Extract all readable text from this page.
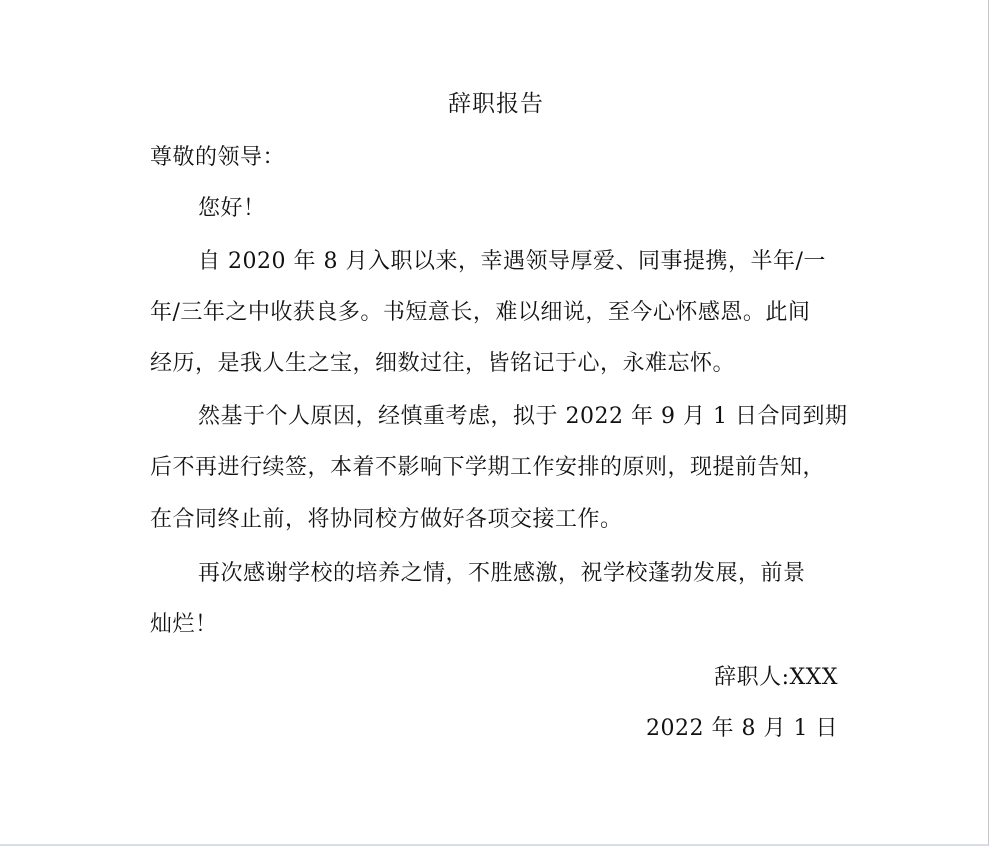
辞职报告
尊敬的领导：
您好！
自 2020 年 8 月入职以来，幸遇领导厚爱、同事提携，半年/一
年/三年之中收获良多。书短意长，难以细说，至今心怀感恩。此间
经历，是我人生之宝，细数过往，皆铭记于心，永难忘怀。
然基于个人原因，经慎重考虑，拟于 2022 年 9 月 1 日合同到期
后不再进行续签，本着不影响下学期工作安排的原则，现提前告知，
在合同终止前，将协同校方做好各项交接工作。
再次感谢学校的培养之情，不胜感激，祝学校蓬勃发展，前景
灿烂！
辞职人:XXX
2022 年 8 月 1 日
